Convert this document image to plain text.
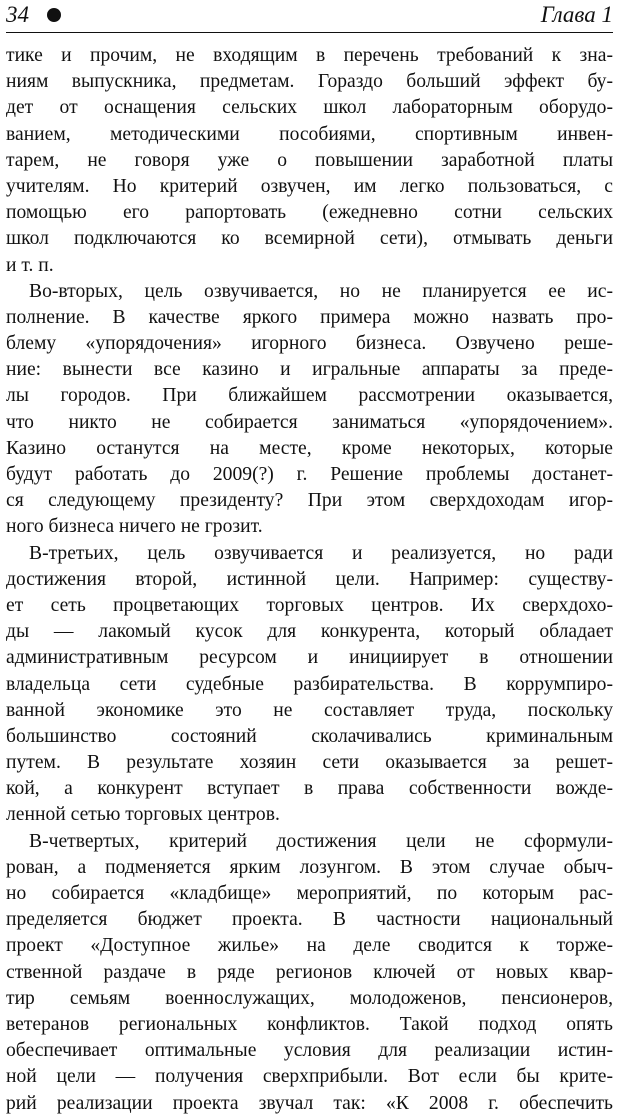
34	Глава 1
тике и прочим, не входящим в перечень требований к зна-
ниям выпускника, предметам. Гораздо больший эффект бу-
дет от оснащения сельских школ лабораторным оборудо-
ванием, методическими пособиями, спортивным инвен-
тарем, не говоря уже о повышении заработной платы
учителям. Но критерий озвучен, им легко пользоваться, с
помощью его рапортовать (ежедневно сотни сельских
школ подключаются ко всемирной сети), отмывать деньги
и т. п.
Во-вторых, цель озвучивается, но не планируется ее ис-
полнение. В качестве яркого примера можно назвать про-
блему «упорядочения» игорного бизнеса. Озвучено реше-
ние: вынести все казино и игральные аппараты за преде-
лы городов. При ближайшем рассмотрении оказывается,
что никто не собирается заниматься «упорядочением».
Казино останутся на месте, кроме некоторых, которые
будут работать до 2009(?) г. Решение проблемы достанет-
ся следующему президенту? При этом сверхдоходам игор-
ного бизнеса ничего не грозит.
В-третьих, цель озвучивается и реализуется, но ради
достижения второй, истинной цели. Например: существу-
ет сеть процветающих торговых центров. Их сверхдохо-
ды — лакомый кусок для конкурента, который обладает
административным ресурсом и инициирует в отношении
владельца сети судебные разбирательства. В коррумпиро-
ванной экономике это не составляет труда, поскольку
большинство состояний сколачивались криминальным
путем. В результате хозяин сети оказывается за решет-
кой, а конкурент вступает в права собственности вожде-
ленной сетью торговых центров.
В-четвертых, критерий достижения цели не сформули-
рован, а подменяется ярким лозунгом. В этом случае обыч-
но собирается «кладбище» мероприятий, по которым рас-
пределяется бюджет проекта. В частности национальный
проект «Доступное жилье» на деле сводится к торже-
ственной раздаче в ряде регионов ключей от новых квар-
тир семьям военнослужащих, молодоженов, пенсионеров,
ветеранов региональных конфликтов. Такой подход опять
обеспечивает оптимальные условия для реализации истин-
ной цели — получения сверхприбыли. Вот если бы крите-
рий реализации проекта звучал так: «К 2008 г. обеспечить
